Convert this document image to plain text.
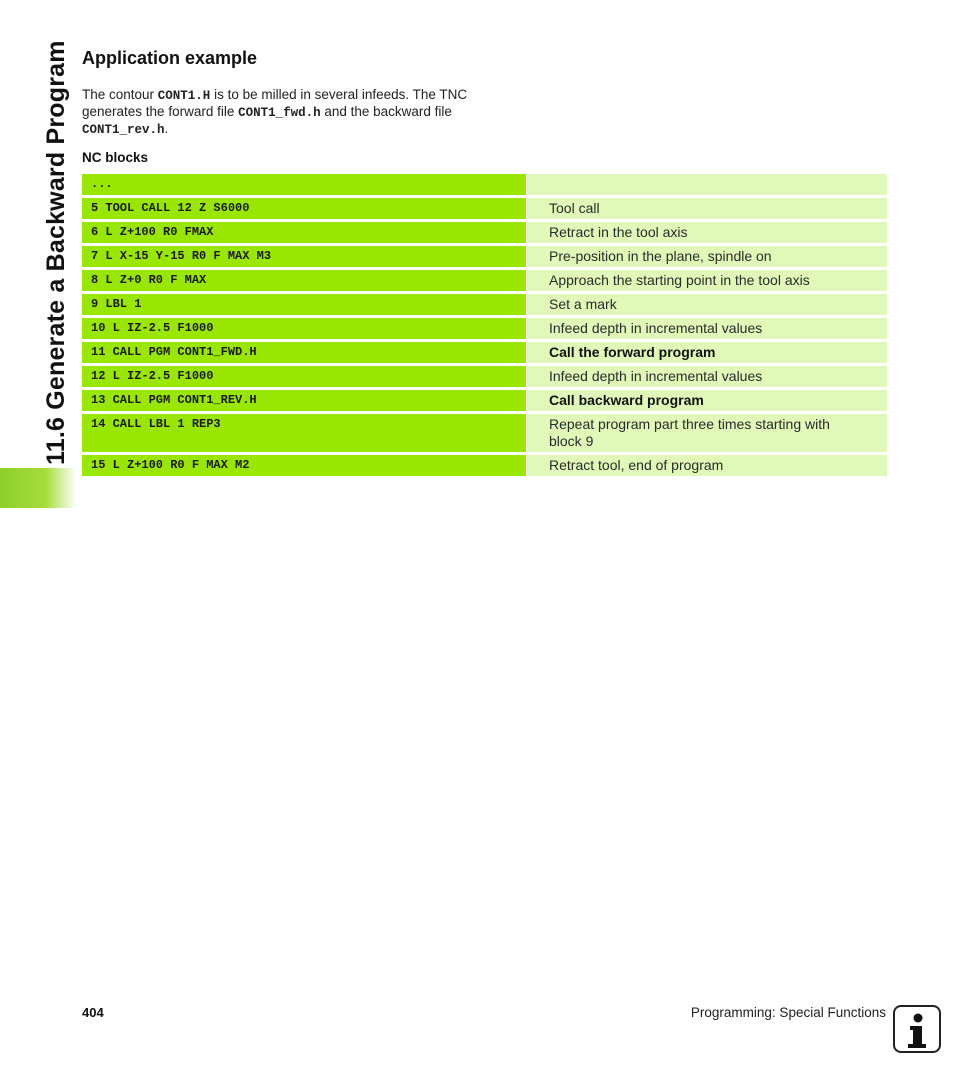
11.6 Generate a Backward Program Application example

The contour CONT1.H is to be milled in several infeeds. The TNC generates the forward file CONT1_fwd.h and the backward file
CONT1_rev.h.

NC blocks
...
5 TOOL CALL 12 Z S6000	Tool call
6 L Z+100 R0 FMAX	Retract in the tool axis
7 L X-15 Y-15 R0 F MAX M3	Pre-position in the plane, spindle on
8 L Z+0 R0 F MAX	Approach the starting point in the tool axis
9 LBL 1	Set a mark
10 L IZ-2.5 F1000	Infeed depth in incremental values
11 CALL PGM CONT1_FWD.H	Call the forward program
12 L IZ-2.5 F1000	Infeed depth in incremental values
13 CALL PGM CONT1_REV.H	Call backward program
14 CALL LBL 1 REP3	Repeat program part three times starting with block 9
15 L Z+100 R0 F MAX M2	Retract tool, end of program
404	Programming: Special Functions
